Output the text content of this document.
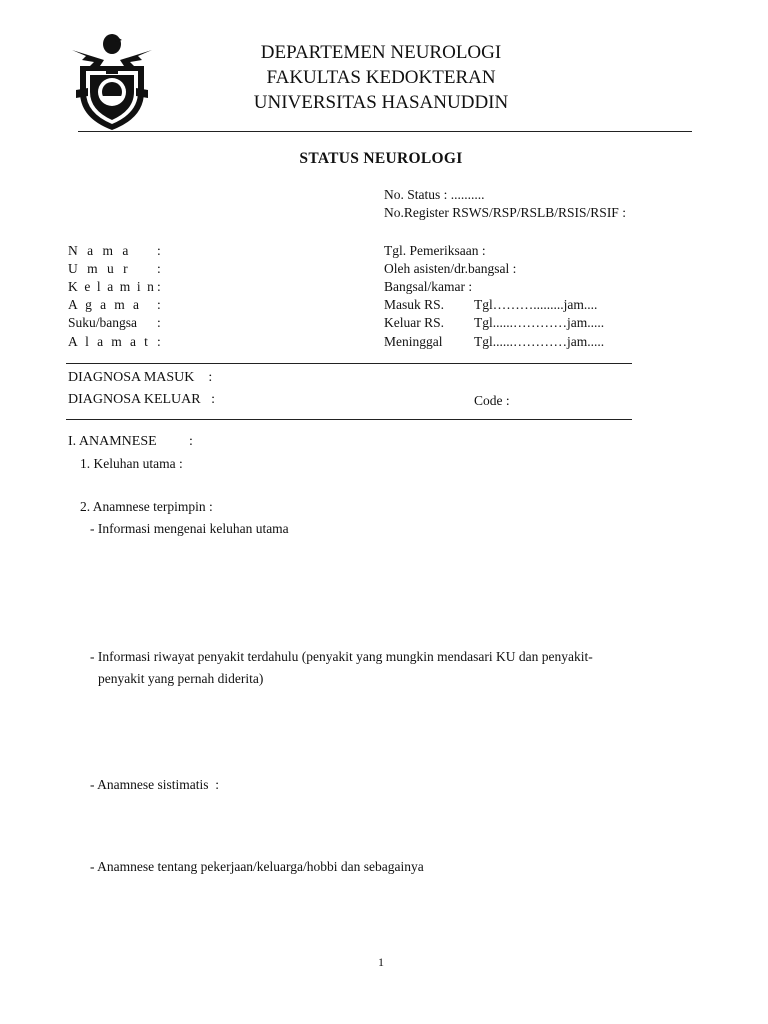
DEPARTEMEN NEUROLOGI
FAKULTAS KEDOKTERAN
UNIVERSITAS HASANUDDIN
STATUS NEUROLOGI
No. Status : ..........
No.Register RSWS/RSP/RSLB/RSIS/RSIF :
N a m a :
U m u r :
K e l a m i n :
A g a m a :
Suku/bangsa :
A l a m a t :
Tgl. Pemeriksaan :
Oleh asisten/dr.bangsal :
Bangsal/kamar :
Masuk RS. Tgl……….........jam....
Keluar RS. Tgl......…………jam.....
Meninggal Tgl......…………jam.....
DIAGNOSA MASUK    :
DIAGNOSA KELUAR   :	Code :
I. ANAMNESE :
1. Keluhan utama :
2. Anamnese terpimpin :
- Informasi mengenai keluhan utama
- Informasi riwayat penyakit terdahulu (penyakit yang mungkin mendasari KU dan penyakit-
penyakit yang pernah diderita)
- Anamnese sistimatis  :
- Anamnese tentang pekerjaan/keluarga/hobbi dan sebagainya
1
